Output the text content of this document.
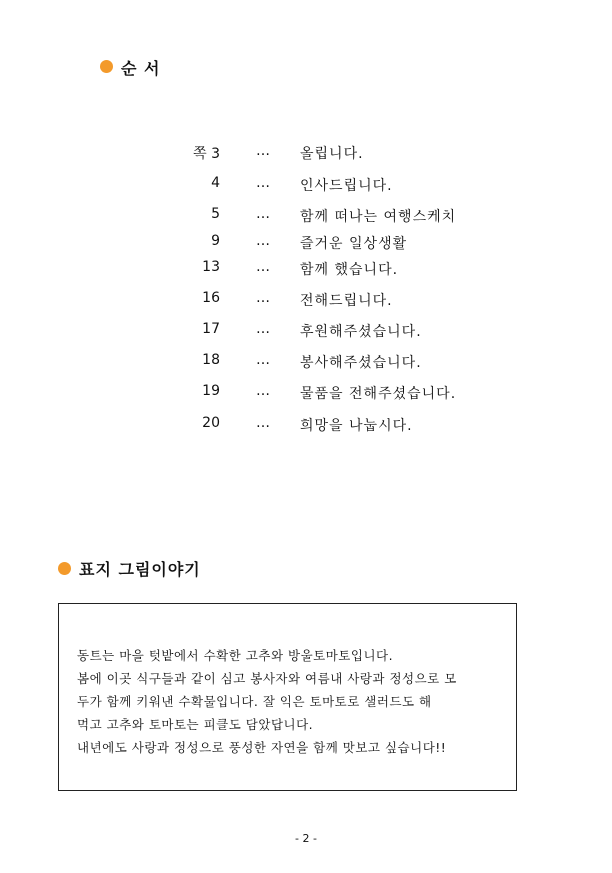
순 서
쪽 3	…	올립니다.
4	…	인사드립니다.
5	…	함께 떠나는 여행스케치
9	…	즐거운 일상생활
13	…	함께 했습니다.
16	…	전해드립니다.
17	…	후원해주셨습니다.
18	…	봉사해주셨습니다.
19	…	물품을 전해주셨습니다.
20	…	희망을 나눕시다.
표지 그림이야기
동트는 마을 텃밭에서 수확한 고추와 방울토마토입니다.
봄에 이곳 식구들과 같이 심고 봉사자와 여름내 사랑과 정성으로 모
두가 함께 키워낸 수확물입니다. 잘 익은 토마토로 샐러드도 해
먹고 고추와 토마토는 피클도 담았답니다.
내년에도 사랑과 정성으로 풍성한 자연을 함께 맛보고 싶습니다!!
- 2 -
